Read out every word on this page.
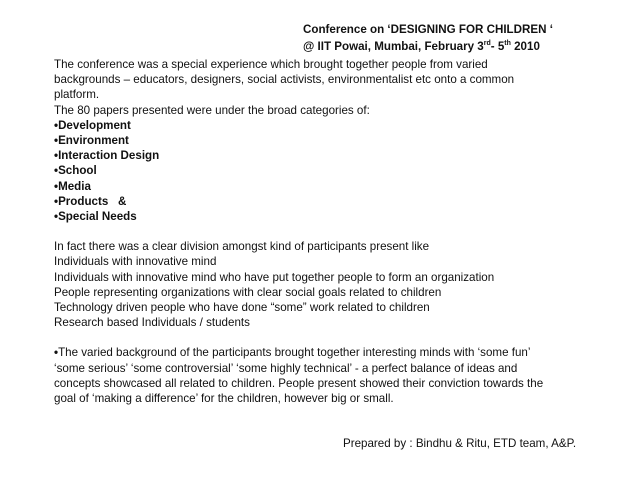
Conference on ‘DESIGNING FOR CHILDREN ‘
@ IIT Powai, Mumbai, February 3rd- 5th 2010

The conference was a special experience which brought together people from varied

backgrounds – educators, designers, social activists, environmentalist etc onto a common

platform.

The 80 papers presented were under the broad categories of:

•Development
•Environment
•Interaction Design
•School
•Media
•Products   &
•Special Needs

In fact there was a clear division amongst kind of participants present like

Individuals with innovative mind

Individuals with innovative mind who have put together people to form an organization

People representing organizations with clear social goals related to children

Technology driven people who have done “some” work related to children

Research based Individuals / students

•The varied background of the participants brought together interesting minds with ‘some fun’

‘some serious’ ‘some controversial’ ‘some highly technical’ - a perfect balance of ideas and

concepts showcased all related to children. People present showed their conviction towards the

goal of ‘making a difference’ for the children, however big or small.

Prepared by : Bindhu & Ritu, ETD team, A&P.
